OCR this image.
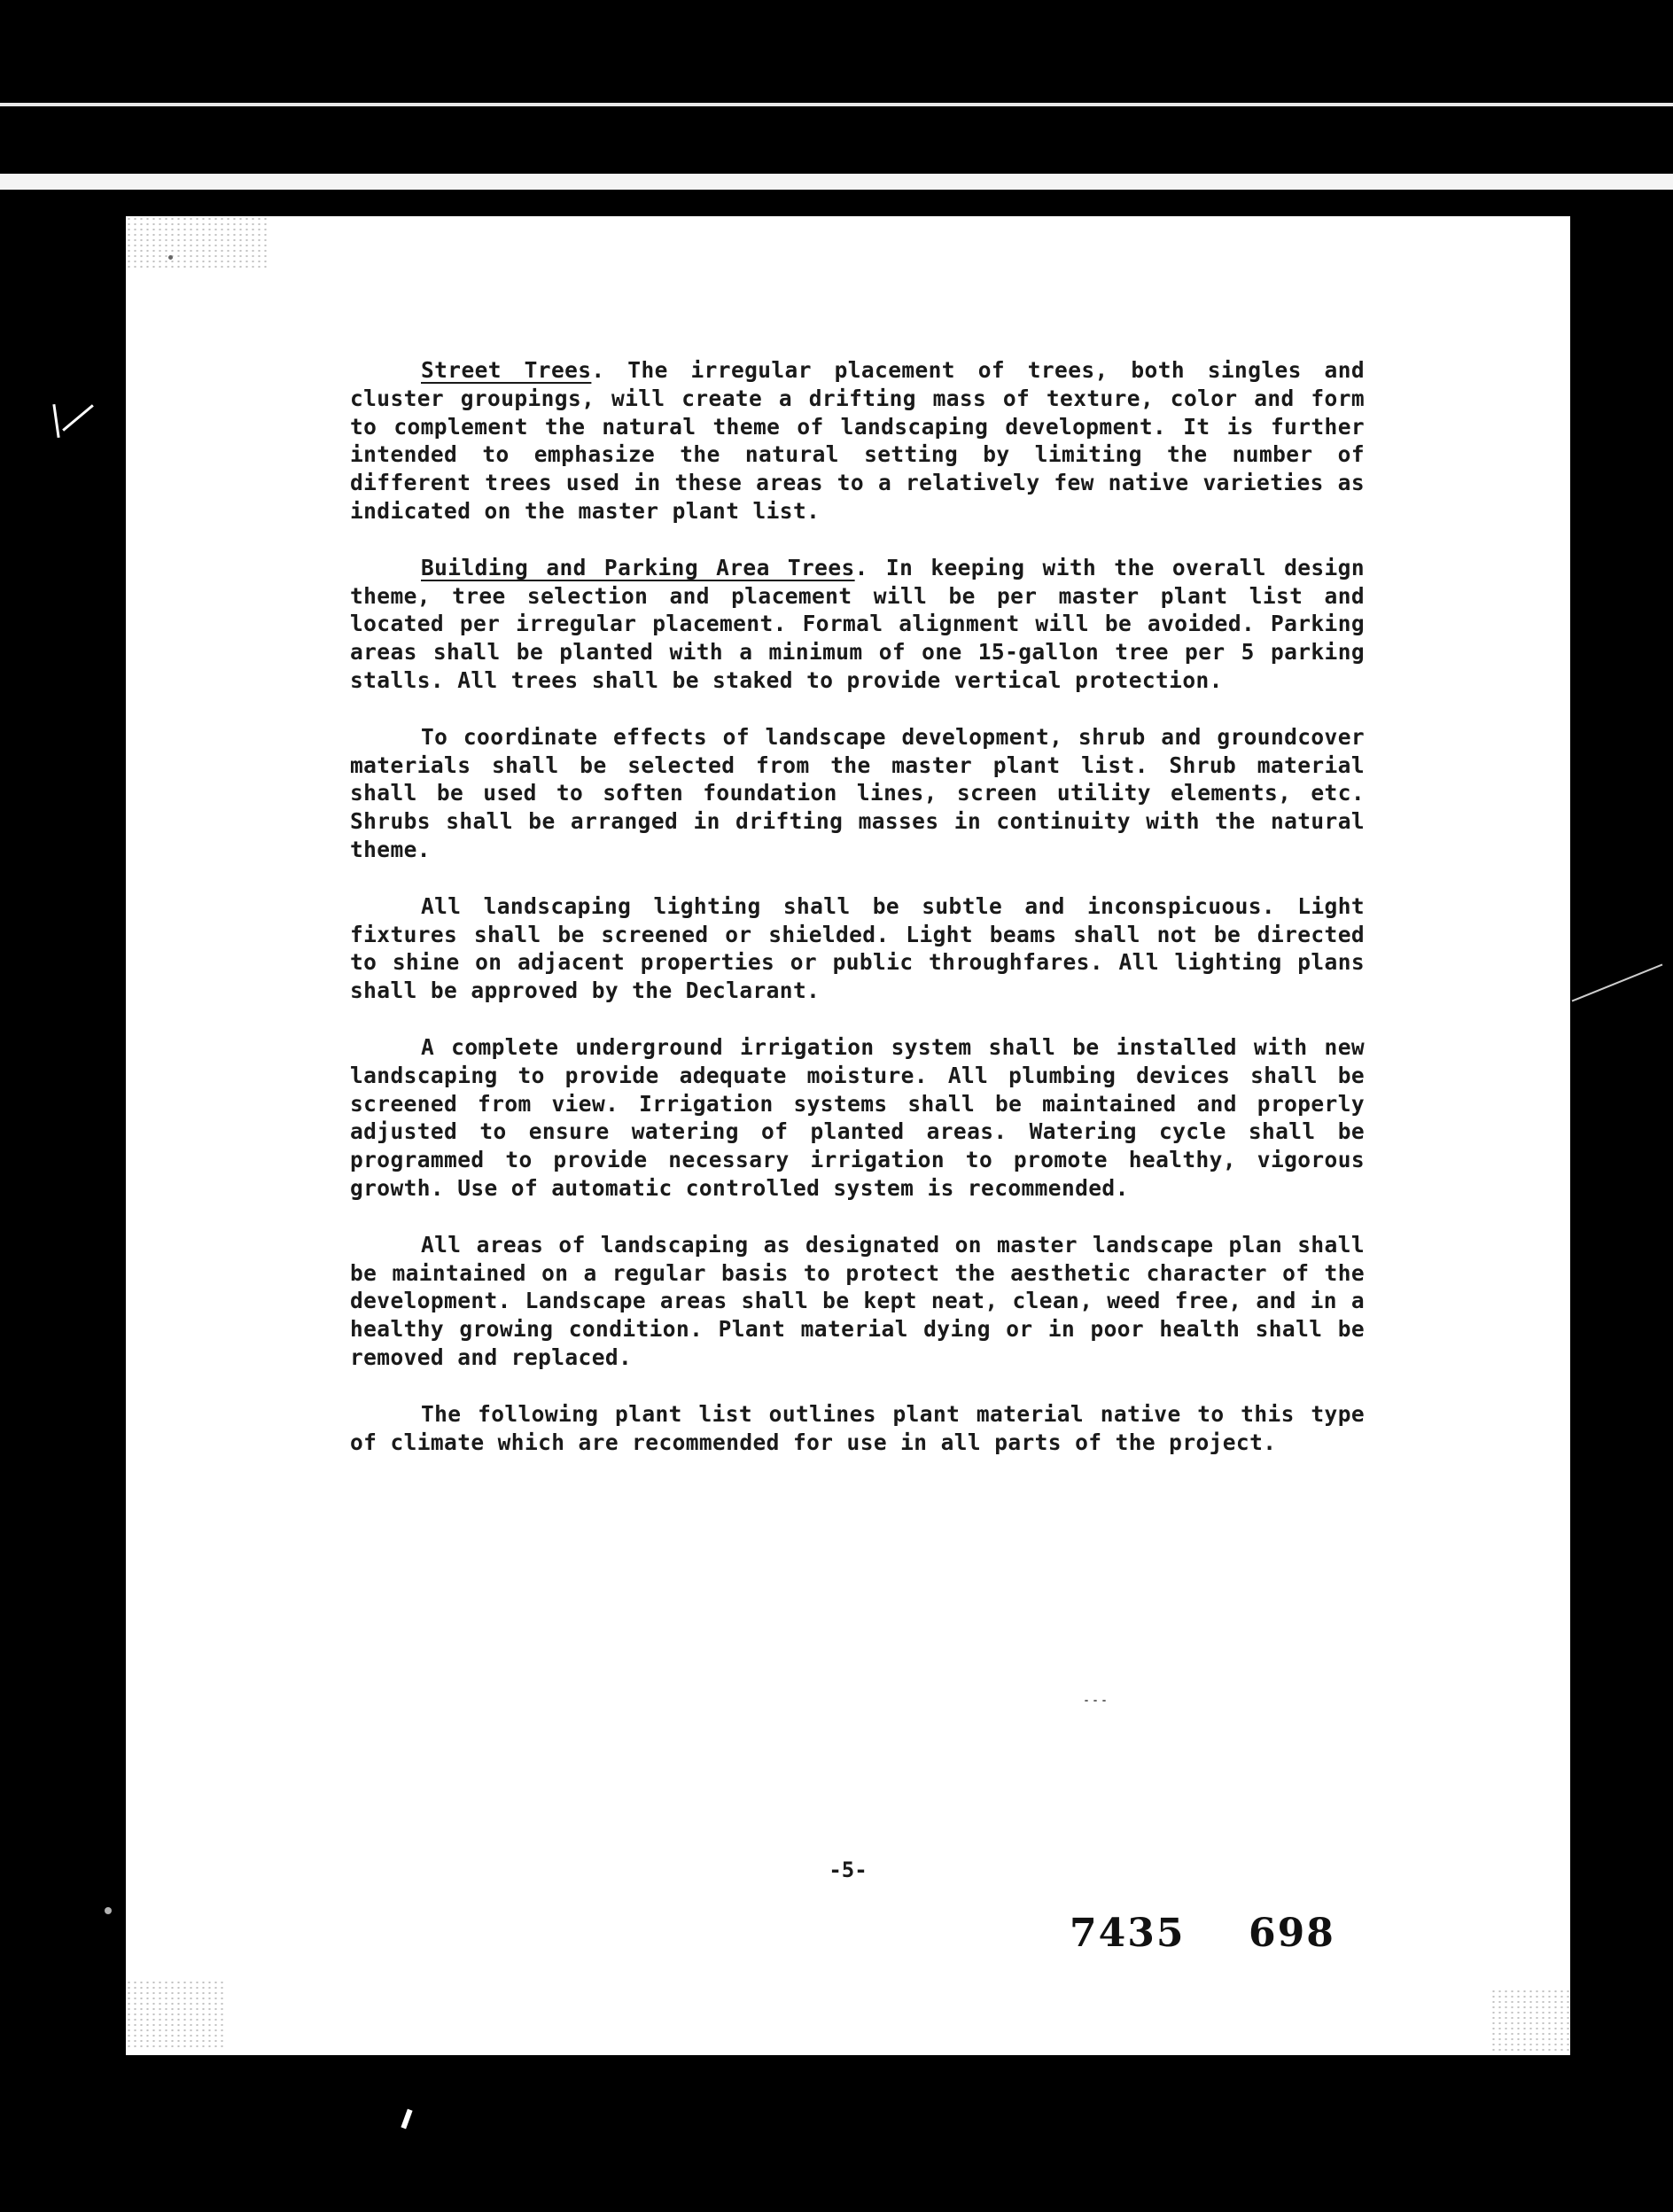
Street Trees. The irregular placement of trees, both singles and cluster groupings, will create a drifting mass of texture, color and form to complement the natural theme of landscaping development. It is further intended to emphasize the natural setting by limiting the number of different trees used in these areas to a relatively few native varieties as indicated on the master plant list.

Building and Parking Area Trees. In keeping with the overall design theme, tree selection and placement will be per master plant list and located per irregular placement. Formal alignment will be avoided. Parking areas shall be planted with a minimum of one 15-gallon tree per 5 parking stalls. All trees shall be staked to provide vertical protection.

To coordinate effects of landscape development, shrub and groundcover materials shall be selected from the master plant list. Shrub material shall be used to soften foundation lines, screen utility elements, etc. Shrubs shall be arranged in drifting masses in continuity with the natural theme.

All landscaping lighting shall be subtle and inconspicuous. Light fixtures shall be screened or shielded. Light beams shall not be directed to shine on adjacent properties or public throughfares. All lighting plans shall be approved by the Declarant.

A complete underground irrigation system shall be installed with new landscaping to provide adequate moisture. All plumbing devices shall be screened from view. Irrigation systems shall be maintained and properly adjusted to ensure watering of planted areas. Watering cycle shall be programmed to provide necessary irrigation to promote healthy, vigorous growth. Use of automatic controlled system is recommended.

All areas of landscaping as designated on master landscape plan shall be maintained on a regular basis to protect the aesthetic character of the development. Landscape areas shall be kept neat, clean, weed free, and in a healthy growing condition. Plant material dying or in poor health shall be removed and replaced.

The following plant list outlines plant material native to this type of climate which are recommended for use in all parts of the project.

-5-
7435 698
